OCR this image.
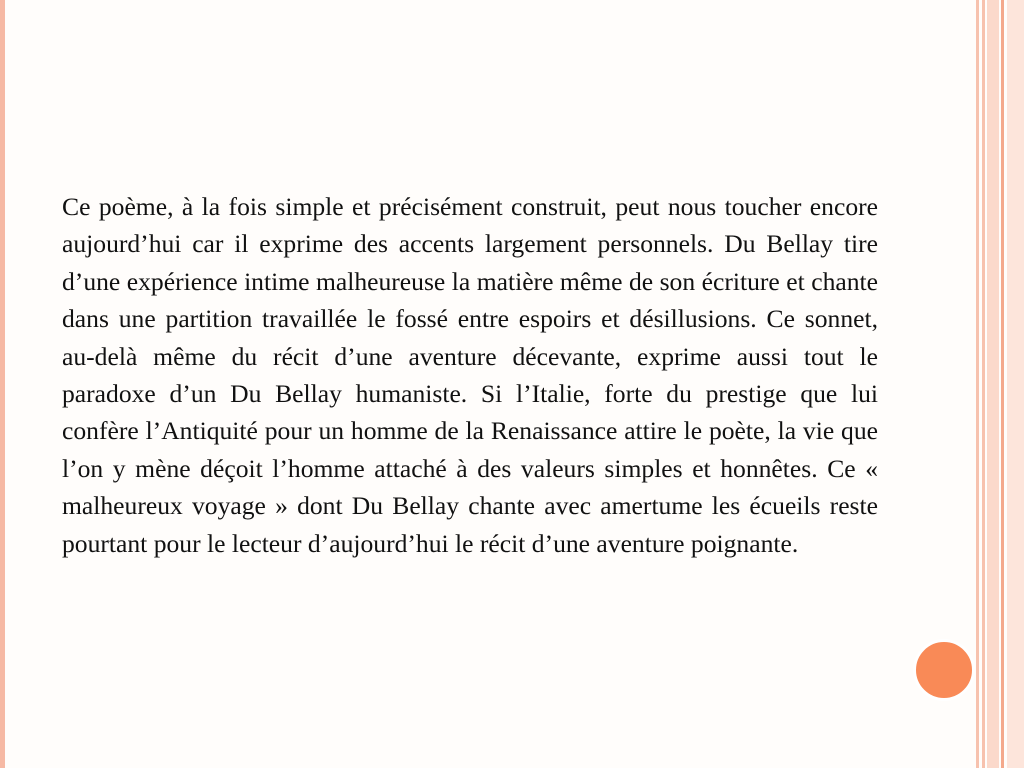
Ce poème, à la fois simple et précisément construit, peut nous toucher encore aujourd’hui car il exprime des accents largement personnels. Du Bellay tire d’une expérience intime malheureuse la matière même de son écriture et chante dans une partition travaillée le fossé entre espoirs et désillusions. Ce sonnet, au-delà même du récit d’une aventure décevante, exprime aussi tout le paradoxe d’un Du Bellay humaniste. Si l’Italie, forte du prestige que lui confère l’Antiquité pour un homme de la Renaissance attire le poète, la vie que l’on y mène déçoit l’homme attaché à des valeurs simples et honnêtes. Ce « malheureux voyage » dont Du Bellay chante avec amertume les écueils reste pourtant pour le lecteur d’aujourd’hui le récit d’une aventure poignante.
